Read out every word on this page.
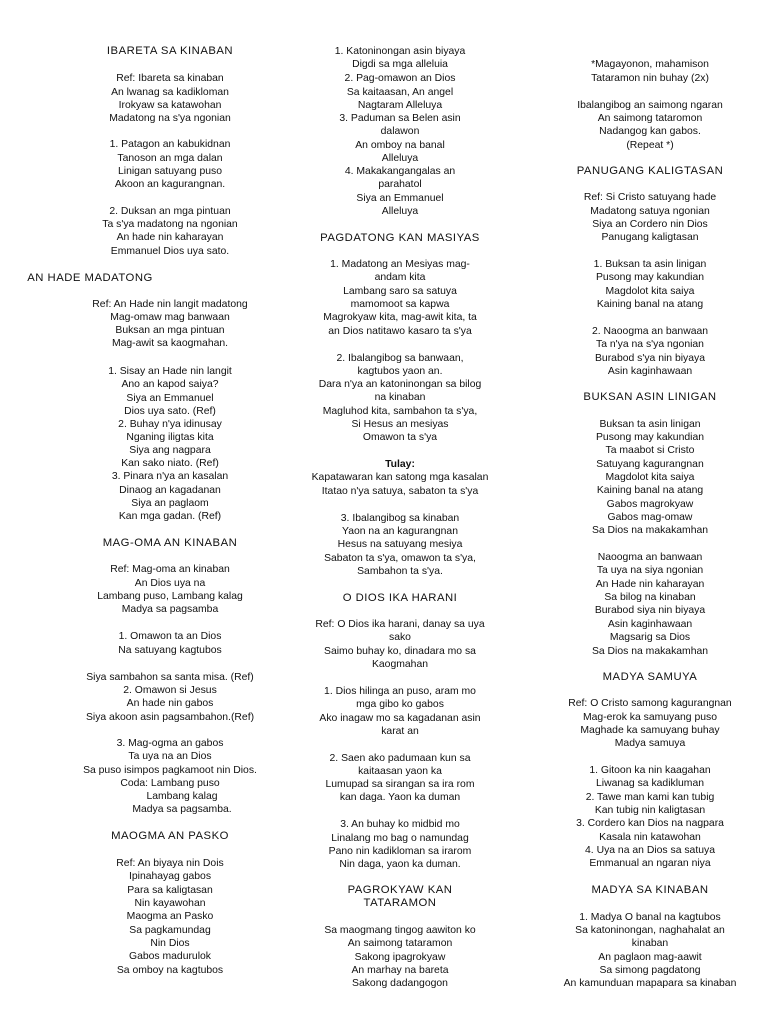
IBARETA SA KINABAN
Ref: Ibareta sa kinaban
An lwanag sa kadikloman
Irokyaw sa katawohan
Madatong na s'ya ngonian
1. Patagon an kabukidnan
Tanoson an mga dalan
Linigan satuyang puso
Akoon an kagurangnan.
2. Duksan an mga pintuan
Ta s'ya madatong na ngonian
An hade nin kaharayan
Emmanuel Dios uya sato.
AN HADE MADATONG
Ref: An Hade nin langit madatong
Mag-omaw mag banwaan
Buksan an mga pintuan
Mag-awit sa kaogmahan.
1. Sisay an Hade nin langit
Ano an kapod saiya?
Siya an Emmanuel
Dios uya sato. (Ref)
2. Buhay n'ya idinusay
Nganing iligtas kita
Siya ang nagpara
Kan sako niato. (Ref)
3. Pinara n'ya an kasalan
Dinaog an kagadanan
Siya an paglaom
Kan mga gadan. (Ref)
MAG-OMA AN KINABAN
Ref: Mag-oma an kinaban
An Dios uya na
Lambang puso, Lambang kalag
Madya sa pagsamba
1. Omawon ta an Dios
Na satuyang kagtubos
Siya sambahon sa santa misa. (Ref)
2. Omawon si Jesus
An hade nin gabos
Siya akoon asin pagsambahon.(Ref)
3. Mag-ogma an gabos
Ta uya na an Dios
Sa puso isimpos pagkamoot nin Dios.
Coda: Lambang puso
Lambang kalag
Madya sa pagsamba.
MAOGMA AN PASKO
Ref: An biyaya nin Dois
Ipinahayag gabos
Para sa kaligtasan
Nin kayawohan
Maogma an Pasko
Sa pagkamundag
Nin Dios
Gabos madurulok
Sa omboy na kagtubos
1. Katoninongan asin biyaya
Digdi sa mga alleluia
2. Pag-omawon an Dios
Sa kaitaasan, An angel
Nagtaram Alleluya
3. Paduman sa Belen asin
dalawon
An omboy na banal
Alleluya
4. Makakangangalas an
parahatol
Siya an Emmanuel
Alleluya
PAGDATONG KAN MASIYAS
1. Madatong an Mesiyas mag-
andam kita
Lambang saro sa satuya
mamomoot sa kapwa
Magrokyaw kita, mag-awit kita, ta
an Dios natitawo kasaro ta s'ya
2. Ibalangibog sa banwaan,
kagtubos yaon an.
Dara n'ya an katoninongan sa bilog
na kinaban
Magluhod kita, sambahon ta s'ya,
Si Hesus an mesiyas
Omawon ta s'ya
Tulay:
Kapatawaran kan satong mga kasalan
Itatao n'ya satuya, sabaton ta s'ya
3. Ibalangibog sa kinaban
Yaon na an kagurangnan
Hesus na satuyang mesiya
Sabaton ta s'ya, omawon ta s'ya,
Sambahon ta s'ya.
O DIOS IKA HARANI
Ref: O Dios ika harani, danay sa uya
sako
Saimo buhay ko, dinadara mo sa
Kaogmahan
1. Dios hilinga an puso, aram mo
mga gibo ko gabos
Ako inagaw mo sa kagadanan asin
karat an
2. Saen ako padumaan kun sa
kaitaasan yaon ka
Lumupad sa sirangan sa ira rom
kan daga. Yaon ka duman
3. An buhay ko midbid mo
Linalang mo bag o namundag
Pano nin kadikloman sa irarom
Nin daga, yaon ka duman.
PAGROKYAW KAN
TATARAMON
Sa maogmang tingog aawiton ko
An saimong tataramon
Sakong ipagrokyaw
An marhay na bareta
Sakong dadangogon
*Magayonon, mahamison
Tataramon nin buhay (2x)
Ibalangibog an saimong ngaran
An saimong tataromon
Nadangog kan gabos.
(Repeat *)
PANUGANG KALIGTASAN
Ref: Si Cristo satuyang hade
Madatong satuya ngonian
Siya an Cordero nin Dios
Panugang kaligtasan
1. Buksan ta asin linigan
Pusong may kakundian
Magdolot kita saiya
Kaining banal na atang
2. Naoogma an banwaan
Ta n'ya na s'ya ngonian
Burabod s'ya nin biyaya
Asin kaginhawaan
BUKSAN ASIN LINIGAN
Buksan ta asin linigan
Pusong may kakundian
Ta maabot si Cristo
Satuyang kagurangnan
Magdolot kita saiya
Kaining banal na atang
Gabos magrokyaw
Gabos mag-omaw
Sa Dios na makakamhan
Naoogma an banwaan
Ta uya na siya ngonian
An Hade nin kaharayan
Sa bilog na kinaban
Burabod siya nin biyaya
Asin kaginhawaan
Magsarig sa Dios
Sa Dios na makakamhan
MADYA SAMUYA
Ref: O Cristo samong kagurangnan
Mag-erok ka samuyang puso
Maghade ka samuyang buhay
Madya samuya
1. Gitoon ka nin kaagahan
Liwanag sa kadikluman
2. Tawe man kami kan tubig
Kan tubig nin kaligtasan
3. Cordero kan Dios na nagpara
Kasala nin katawohan
4. Uya na an Dios sa satuya
Emmanual an ngaran niya
MADYA SA KINABAN
1. Madya O banal na kagtubos
Sa katoninongan, naghahalat an
kinaban
An paglaon mag-aawit
Sa simong pagdatong
An kamunduan mapapara sa kinaban
